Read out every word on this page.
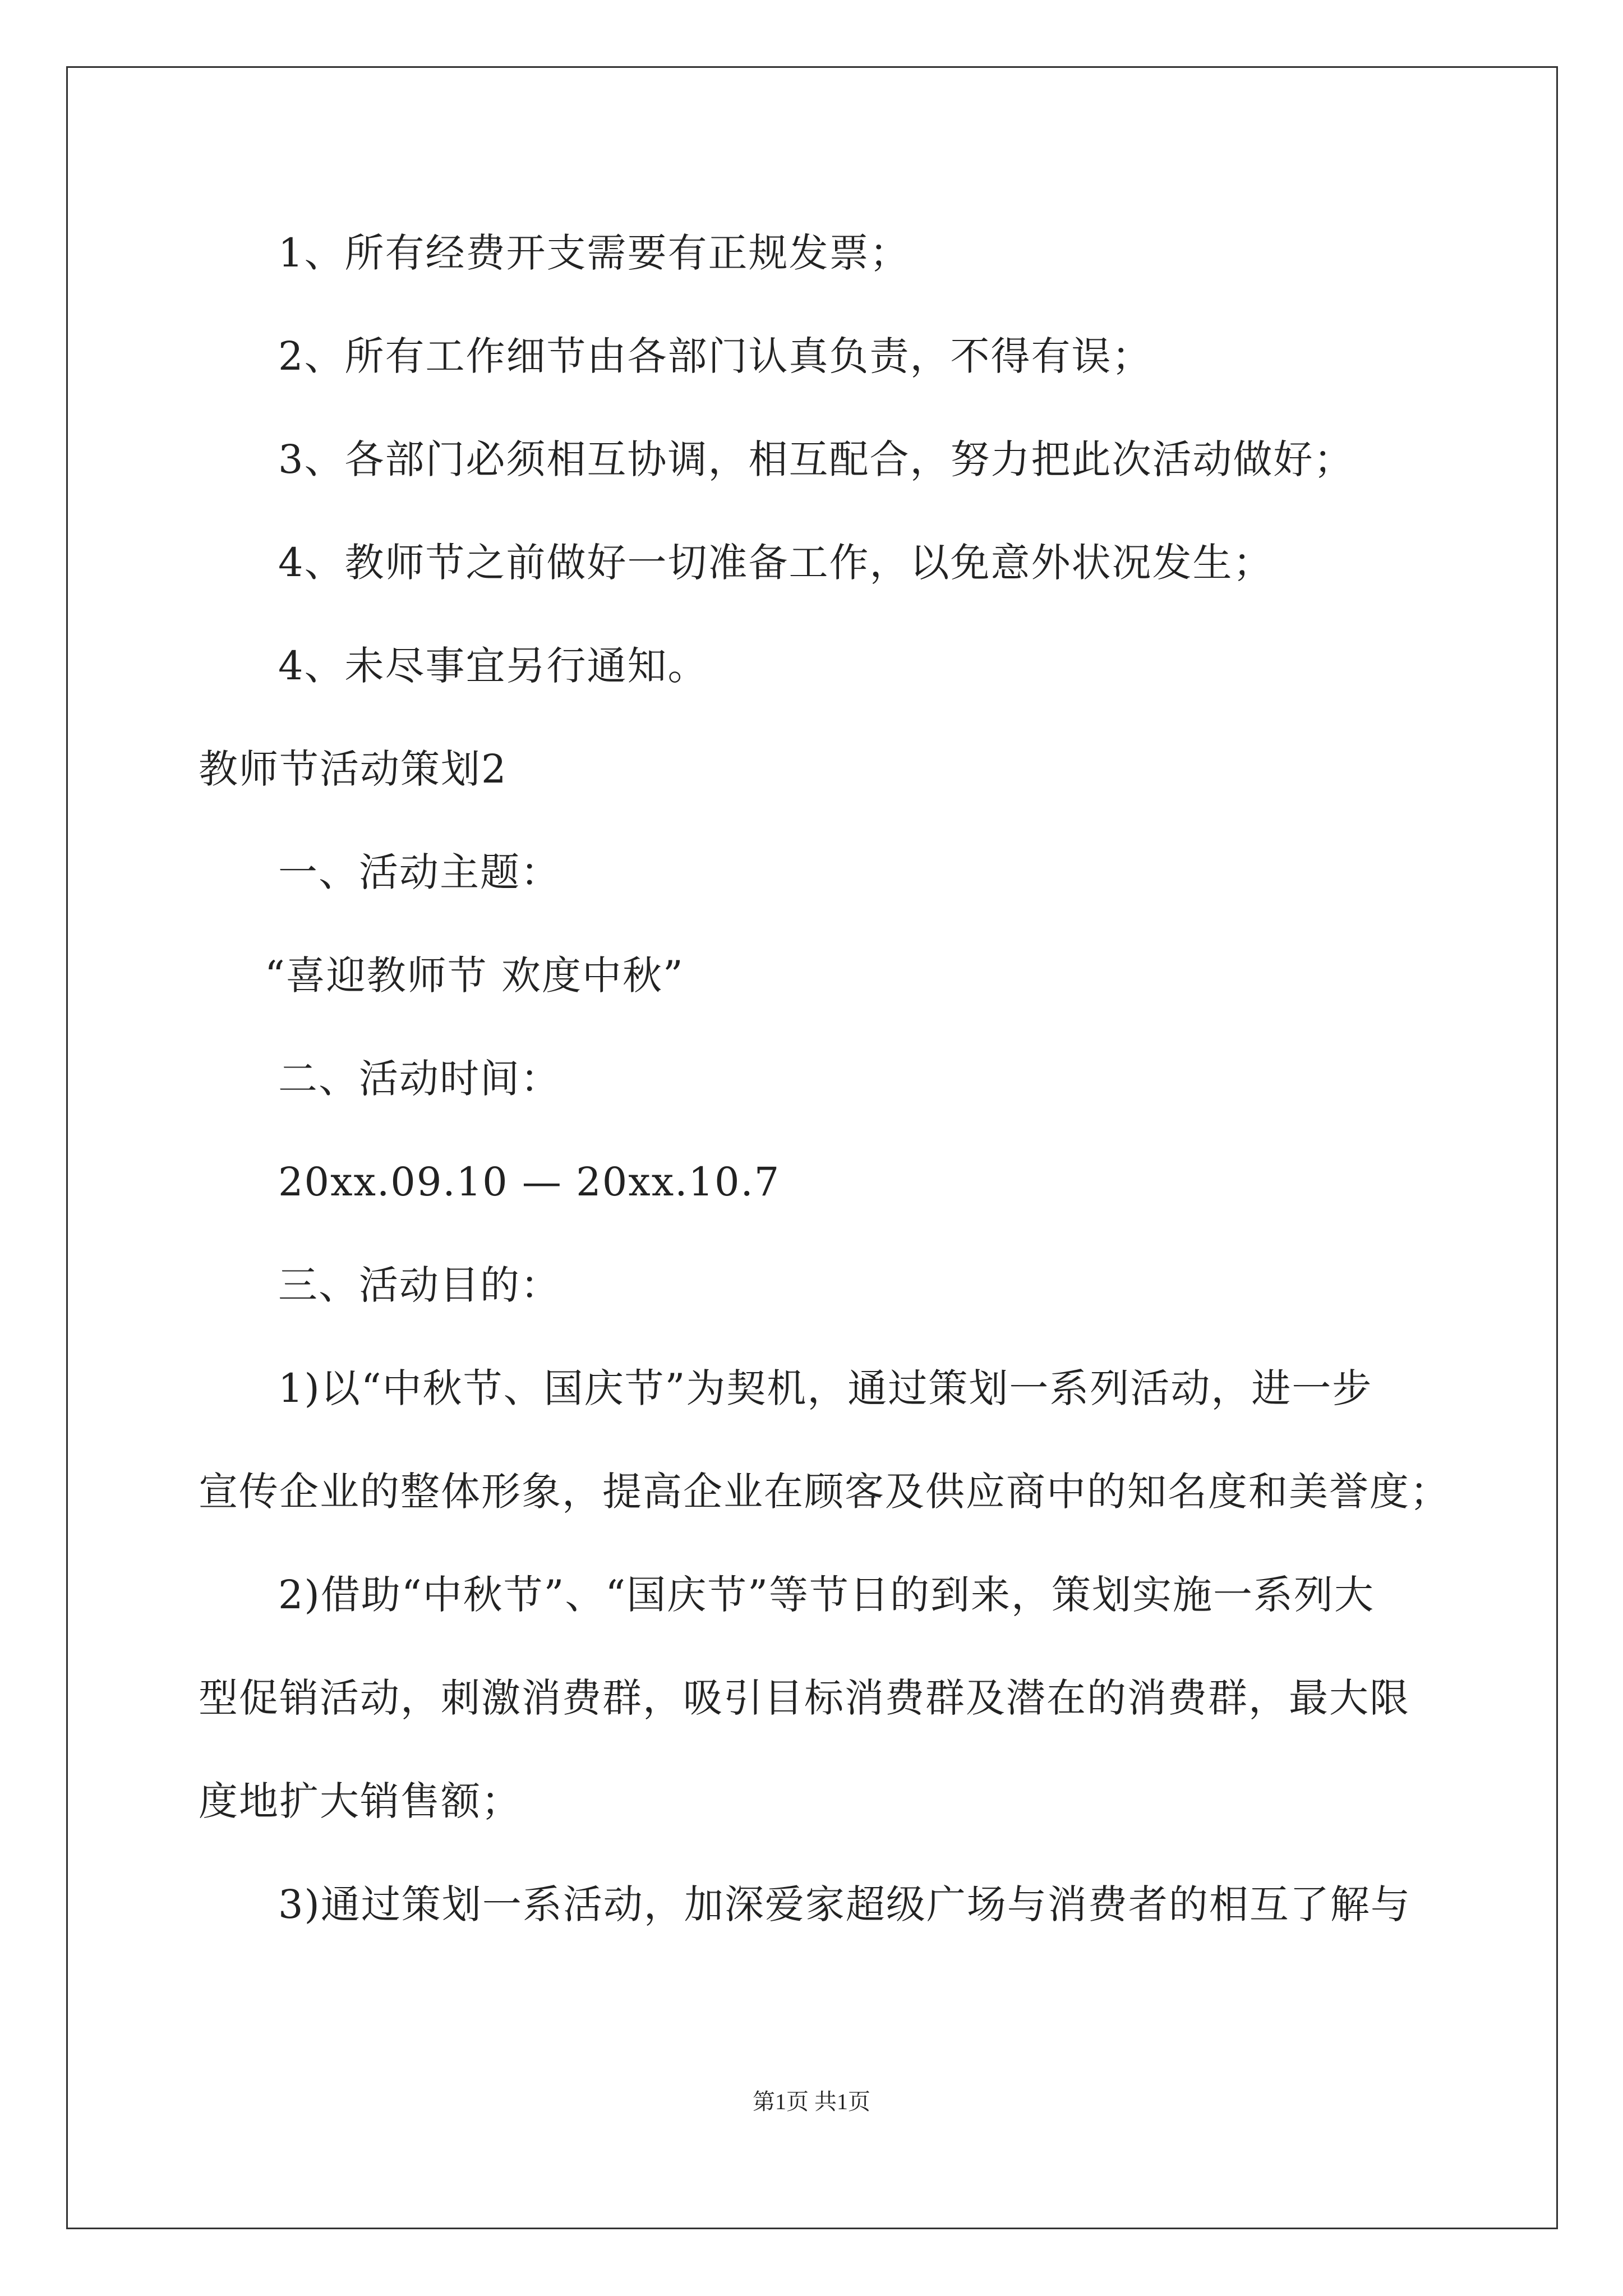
1、所有经费开支需要有正规发票；
2、所有工作细节由各部门认真负责，不得有误；
3、各部门必须相互协调，相互配合，努力把此次活动做好；
4、教师节之前做好一切准备工作，以免意外状况发生；
4、未尽事宜另行通知。
教师节活动策划2
一、活动主题：
“喜迎教师节 欢度中秋”
二、活动时间：
20xx.09.10 — 20xx.10.7
三、活动目的：
1)以“中秋节、国庆节”为契机，通过策划一系列活动，进一步
宣传企业的整体形象，提高企业在顾客及供应商中的知名度和美誉度；
2)借助“中秋节”、“国庆节”等节日的到来，策划实施一系列大
型促销活动，刺激消费群，吸引目标消费群及潜在的消费群，最大限
度地扩大销售额；
3)通过策划一系活动，加深爱家超级广场与消费者的相互了解与
第1页 共1页
